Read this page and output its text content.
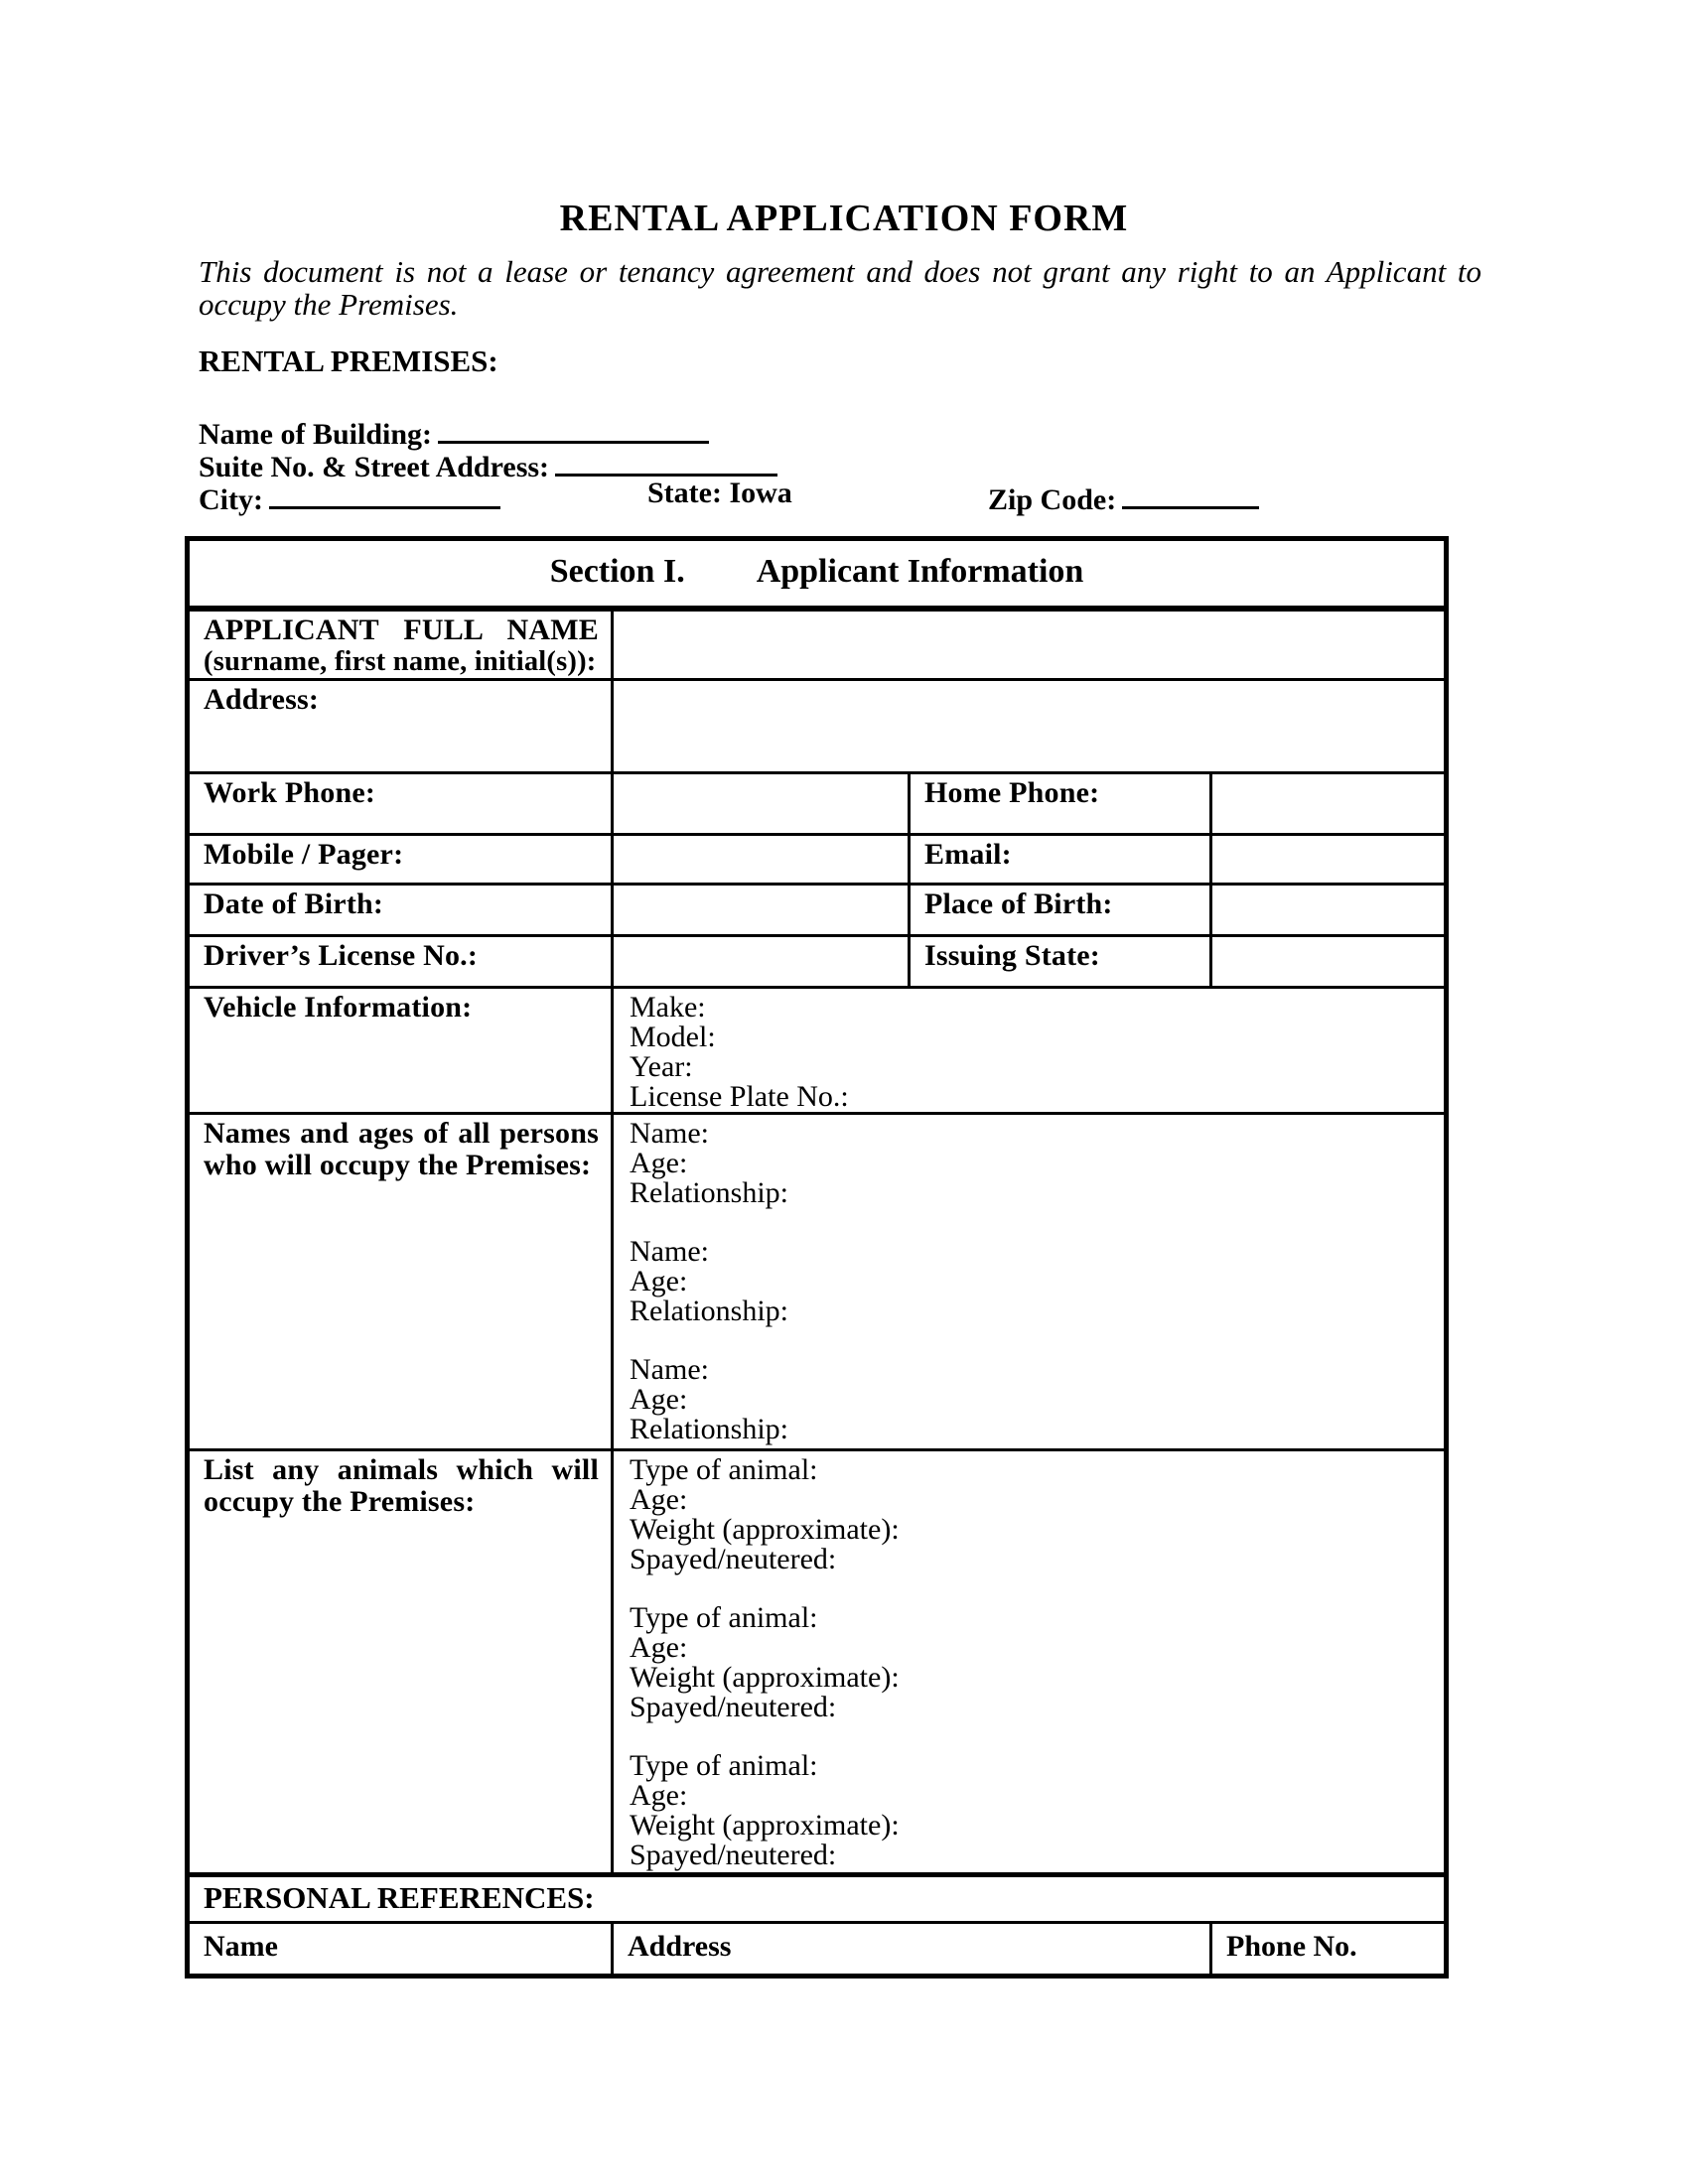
RENTAL APPLICATION FORM
This document is not a lease or tenancy agreement and does not grant any right to an Applicant to
occupy the Premises.
RENTAL PREMISES:
Name of Building:
Suite No. & Street Address:
City:	State: Iowa	Zip Code:
Section I. Applicant Information			

APPLICANT FULL NAME
(surname, first name, initial(s)):			

Address:			
Work Phone:		Home Phone:	
Mobile / Pager:		Email:	
Date of Birth:		Place of Birth:	
Driver’s License No.:		Issuing State:	
Vehicle Information:	Make:
Model:
Year:
License Plate No.:		

Names and ages of all persons
who will occupy the Premises:	
Name:
Age:
Relationship:
Name:
Age:
Relationship:
Name:
Age:
Relationship:

List any animals which will
occupy the Premises:	
Type of animal:
Age:
Weight (approximate):
Spayed/neutered:
Type of animal:
Age:
Weight (approximate):
Spayed/neutered:
Type of animal:
Age:
Weight (approximate):
Spayed/neutered:

PERSONAL REFERENCES:			
Name	Address		Phone No.
